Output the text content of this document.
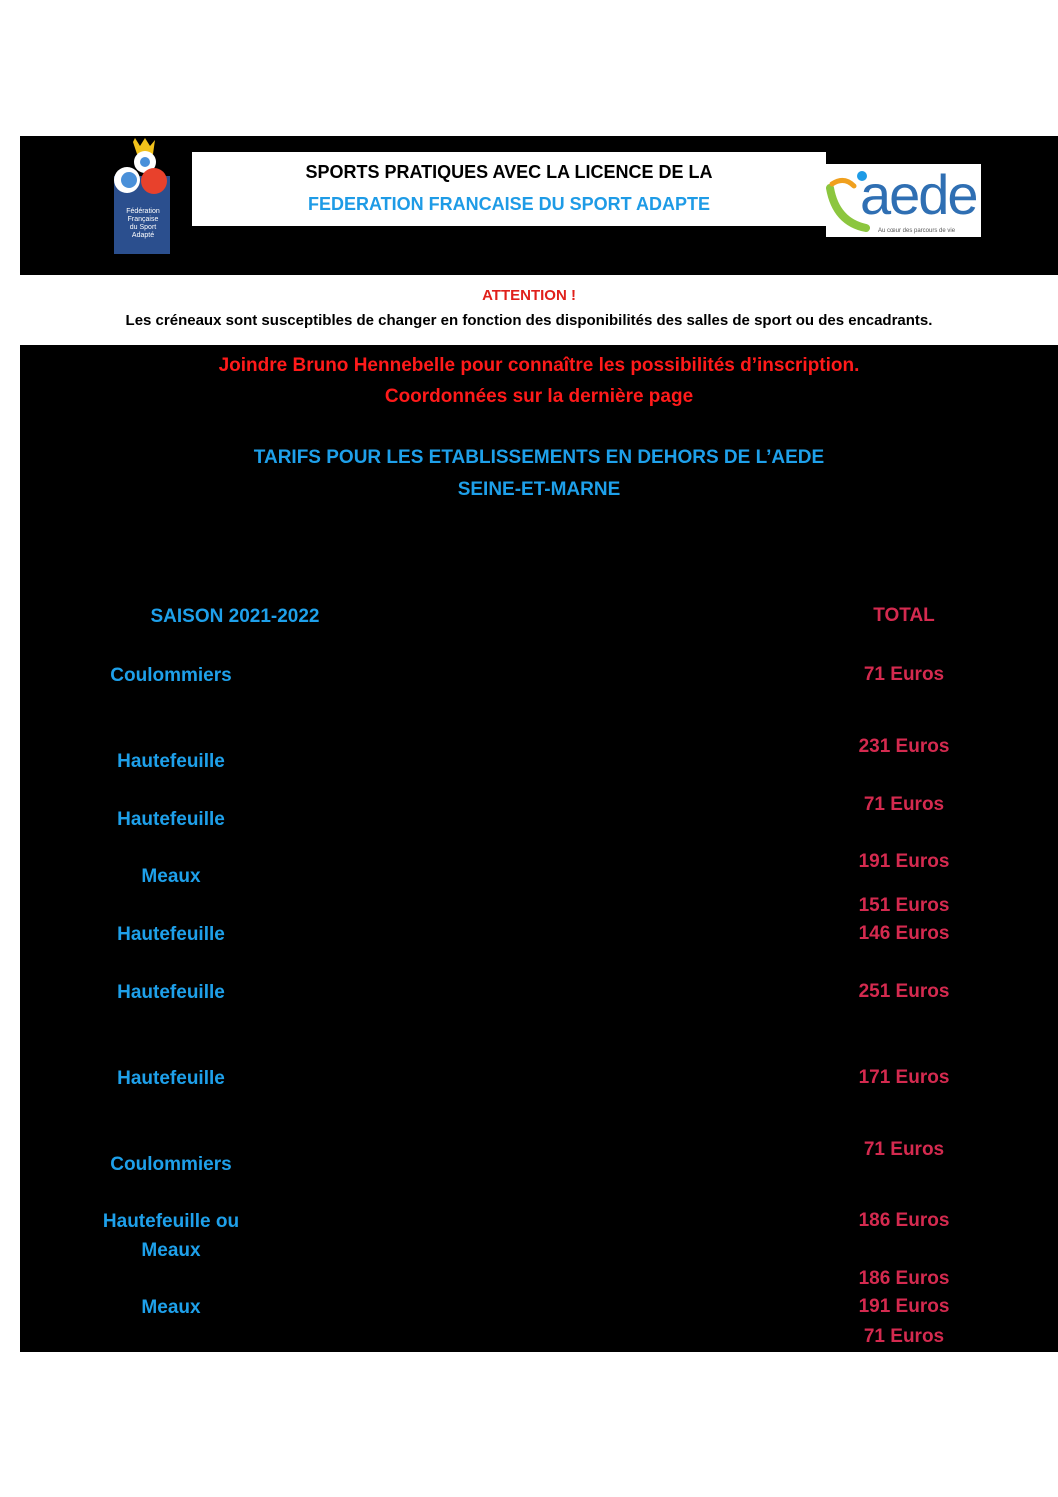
Fédération
Française
du Sport
Adapté
SPORTS PRATIQUES AVEC LA LICENCE DE LA
FEDERATION FRANCAISE DU SPORT ADAPTE	aede
Au cœur des parcours de vie
ATTENTION !
Les créneaux sont susceptibles de changer en fonction des disponibilités des salles de sport ou des encadrants.
Joindre Bruno Hennebelle pour connaître les possibilités d’inscription.
Coordonnées sur la dernière page
TARIFS POUR LES ETABLISSEMENTS EN DEHORS DE L’AEDE
SEINE-ET-MARNE
SAISON 2021-2022	TOTAL
Coulommiers
Hautefeuille
Hautefeuille
Meaux
Hautefeuille
Hautefeuille
Hautefeuille
Coulommiers
Hautefeuille ou
Meaux
Meaux
71 Euros
231 Euros
71 Euros
191 Euros
151 Euros
146 Euros
251 Euros
171 Euros
71 Euros
186 Euros
186 Euros
191 Euros
71 Euros
